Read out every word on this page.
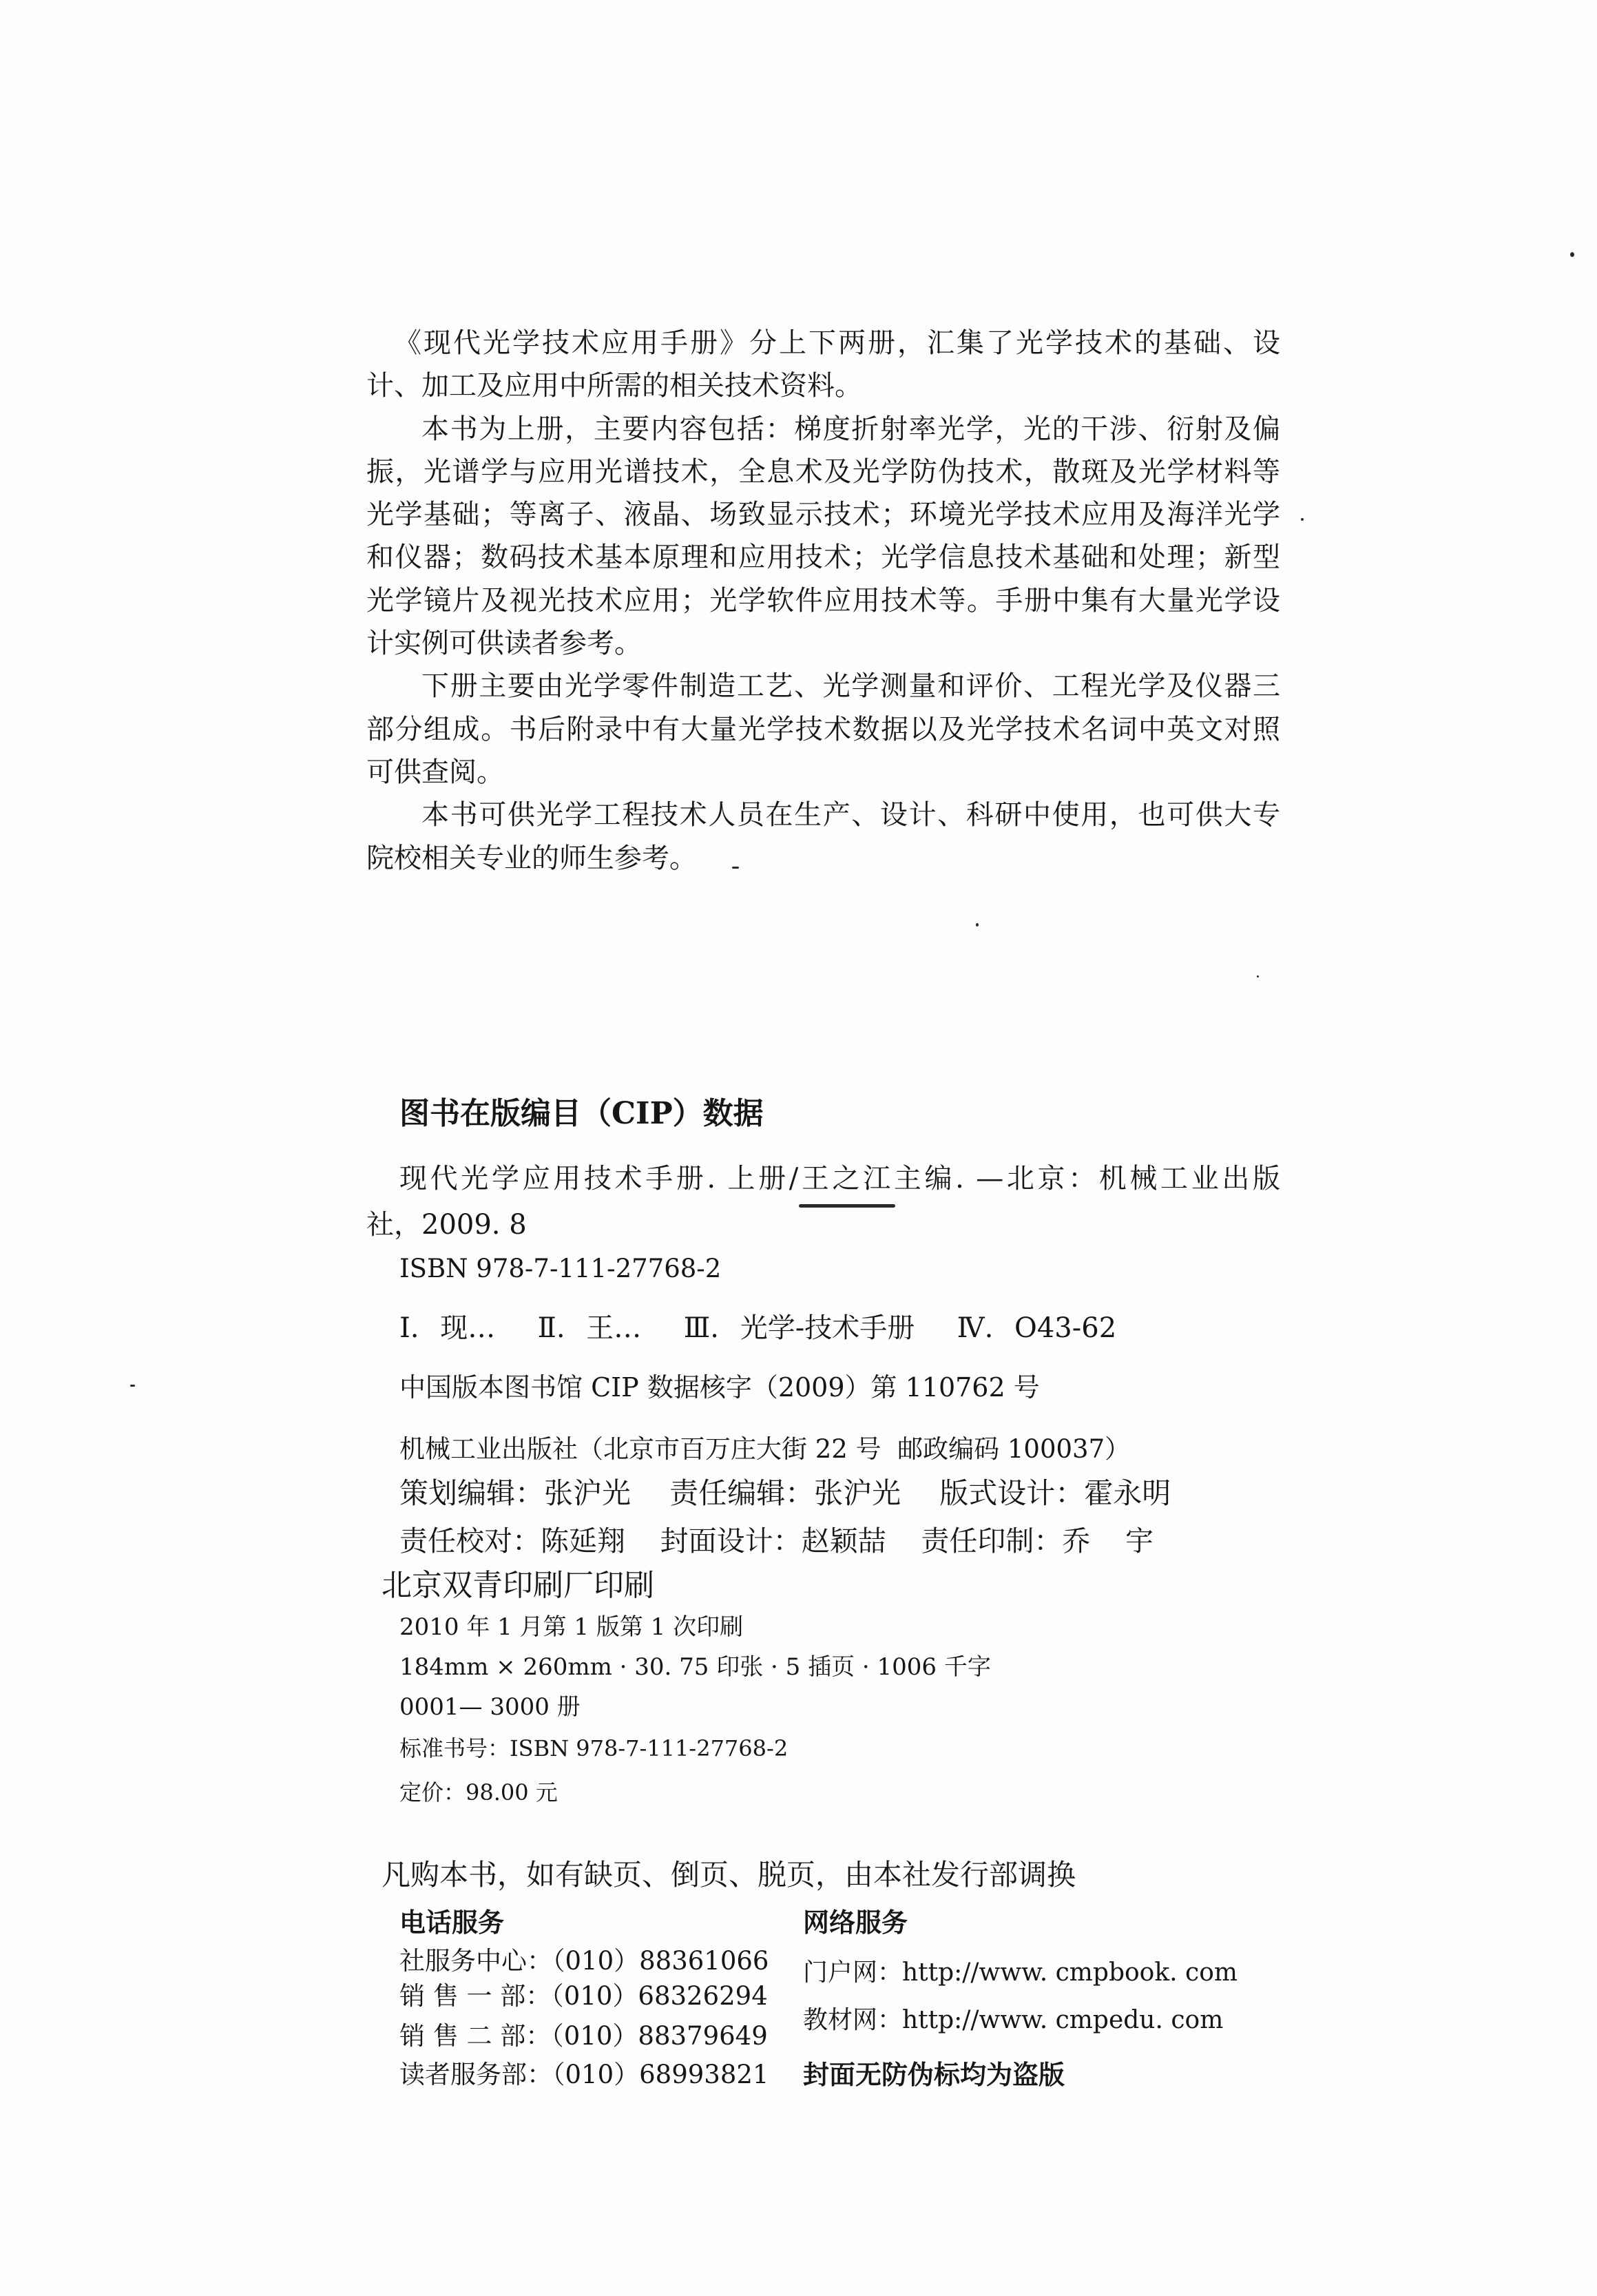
《现代光学技术应用手册》分上下两册，汇集了光学技术的基础、设
计、加工及应用中所需的相关技术资料。
本书为上册，主要内容包括：梯度折射率光学，光的干涉、衍射及偏
振，光谱学与应用光谱技术，全息术及光学防伪技术，散斑及光学材料等
光学基础；等离子、液晶、场致显示技术；环境光学技术应用及海洋光学
和仪器；数码技术基本原理和应用技术；光学信息技术基础和处理；新型
光学镜片及视光技术应用；光学软件应用技术等。手册中集有大量光学设
计实例可供读者参考。
下册主要由光学零件制造工艺、光学测量和评价、工程光学及仪器三
部分组成。书后附录中有大量光学技术数据以及光学技术名词中英文对照
可供查阅。
本书可供光学工程技术人员在生产、设计、科研中使用，也可供大专
院校相关专业的师生参考。
图书在版编目（CIP）数据
现代光学应用技术手册. 上册/王之江主编. —北京：机械工业出版
社，2009. 8
ISBN 978-7-111-27768-2
Ⅰ. 现…  Ⅱ. 王…  Ⅲ. 光学-技术手册  Ⅳ. O43-62
中国版本图书馆 CIP 数据核字（2009）第 110762 号
机械工业出版社（北京市百万庄大街 22 号  邮政编码 100037）
策划编辑：张沪光  责任编辑：张沪光  版式设计：霍永明
责任校对：陈延翔  封面设计：赵颖喆  责任印制：乔  宇
北京双青印刷厂印刷
2010 年 1 月第 1 版第 1 次印刷
184mm × 260mm · 30. 75 印张 · 5 插页 · 1006 千字
0001— 3000 册
标准书号：ISBN 978-7-111-27768-2
定价：98.00 元
凡购本书，如有缺页、倒页、脱页，由本社发行部调换
电话服务	网络服务
社服务中心：（010）88361066
销 售 一 部：（010）68326294
销 售 二 部：（010）88379649
读者服务部：（010）68993821
门户网：http://www. cmpbook. com
教材网：http://www. cmpedu. com
封面无防伪标均为盗版
